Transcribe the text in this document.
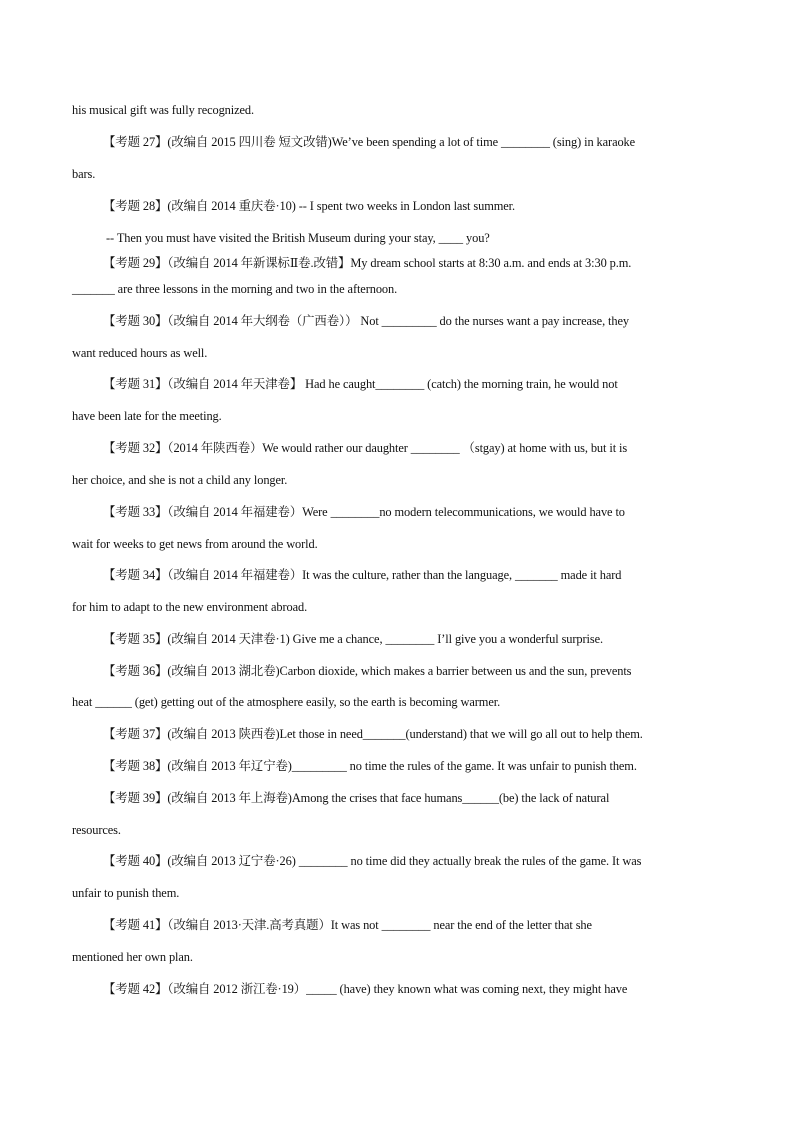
his musical gift was fully recognized.
【考题 27】(改编自 2015 四川卷 短文改错)We’ve been spending a lot of time ________ (sing) in karaoke
bars.
【考题 28】(改编自 2014 重庆卷·10) -- I spent two weeks in London last summer.
-- Then you must have visited the British Museum during your stay, ____ you?
【考题 29】（改编自 2014 年新课标Ⅱ卷.改错】My dream school starts at 8:30 a.m. and ends at 3:30 p.m.
_______ are three lessons in the morning and two in the afternoon.
【考题 30】（改编自 2014 年大纲卷（广西卷）） Not _________ do the nurses want a pay increase, they
want reduced hours as well.
【考题 31】（改编自 2014 年天津卷】 Had he caught________ (catch) the morning train, he would not
have been late for the meeting.
【考题 32】（2014 年陕西卷）We would rather our daughter ________ （stgay) at home with us, but it is
her choice, and she is not a child any longer.
【考题 33】（改编自 2014 年福建卷）Were ________no modern telecommunications, we would have to
wait for weeks to get news from around the world.
【考题 34】（改编自 2014 年福建卷）It was the culture, rather than the language, _______ made it hard
for him to adapt to the new environment abroad.
【考题 35】(改编自 2014 天津卷·1) Give me a chance, ________ I’ll give you a wonderful surprise.
【考题 36】(改编自 2013 湖北卷)Carbon dioxide, which makes a barrier between us and the sun, prevents
heat ______ (get) getting out of the atmosphere easily, so the earth is becoming warmer.
【考题 37】(改编自 2013 陕西卷)Let those in need_______(understand) that we will go all out to help them.
【考题 38】(改编自 2013 年辽宁卷)_________ no time the rules of the game. It was unfair to punish them.
【考题 39】(改编自 2013 年上海卷)Among the crises that face humans______(be) the lack of natural
resources.
【考题 40】(改编自 2013 辽宁卷·26) ________ no time did they actually break the rules of the game. It was
unfair to punish them.
【考题 41】（改编自 2013·天津.高考真题）It was not ________ near the end of the letter that she
mentioned her own plan.
【考题 42】（改编自 2012 浙江卷·19）_____ (have) they known what was coming next, they might have
